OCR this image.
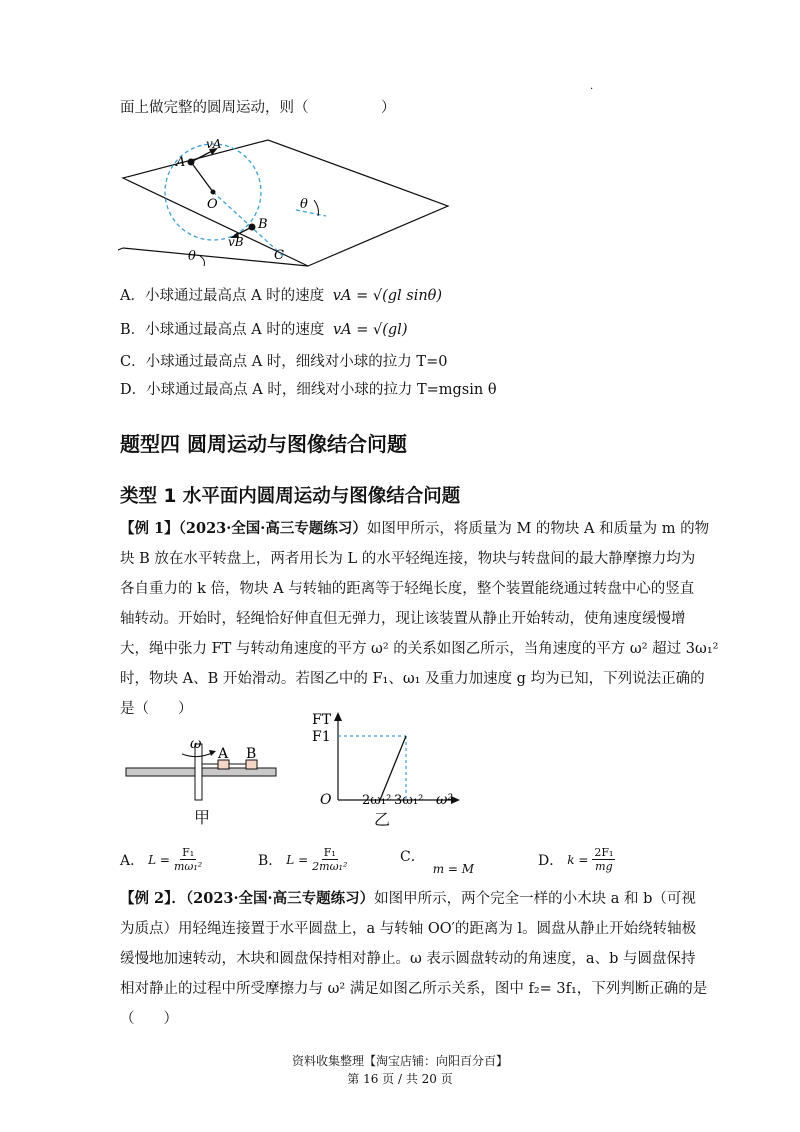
·
面上做完整的圆周运动，则（　　　　　）
A
vA
O
B
vB
C
θ
θ
A．小球通过最高点 A 时的速度 vA = √(gl sinθ)
B．小球通过最高点 A 时的速度 vA = √(gl)
C．小球通过最高点 A 时，细线对小球的拉力 T=0
D．小球通过最高点 A 时，细线对小球的拉力 T=mgsin θ
题型四 圆周运动与图像结合问题
类型 1 水平面内圆周运动与图像结合问题
【例 1】（2023·全国·高三专题练习）如图甲所示，将质量为 M 的物块 A 和质量为 m 的物
块 B 放在水平转盘上，两者用长为 L 的水平轻绳连接，物块与转盘间的最大静摩擦力均为
各自重力的 k 倍，物块 A 与转轴的距离等于轻绳长度，整个装置能绕通过转盘中心的竖直
轴转动。开始时，轻绳恰好伸直但无弹力，现让该装置从静止开始转动，使角速度缓慢增
大，绳中张力 FT 与转动角速度的平方 ω² 的关系如图乙所示，当角速度的平方 ω² 超过 3ω₁²
时，物块 A、B 开始滑动。若图乙中的 F₁、ω₁ 及重力加速度 g 均为已知，下列说法正确的
是（　　）
ω
A B
甲
FT
F1
O 2ω₁² 3ω₁² ω²
乙
A． $L = \frac{\text{F₁}}{\text{mω₁²}}$	B． $L = \frac{\text{F₁}}{\text{2mω₁²}}$	C．
m = M
D． $k = \frac{\text{2F₁}}{mg}$
【例 2】．（2023·全国·高三专题练习）如图甲所示，两个完全一样的小木块 a 和 b（可视
为质点）用轻绳连接置于水平圆盘上，a 与转轴 OO′的距离为 l。圆盘从静止开始绕转轴极
缓慢地加速转动，木块和圆盘保持相对静止。ω 表示圆盘转动的角速度，a、b 与圆盘保持
相对静止的过程中所受摩擦力与 ω² 满足如图乙所示关系，图中 f₂= 3f₁，下列判断正确的是
（　　）
资料收集整理【淘宝店铺：向阳百分百】
第 16 页 / 共 20 页
